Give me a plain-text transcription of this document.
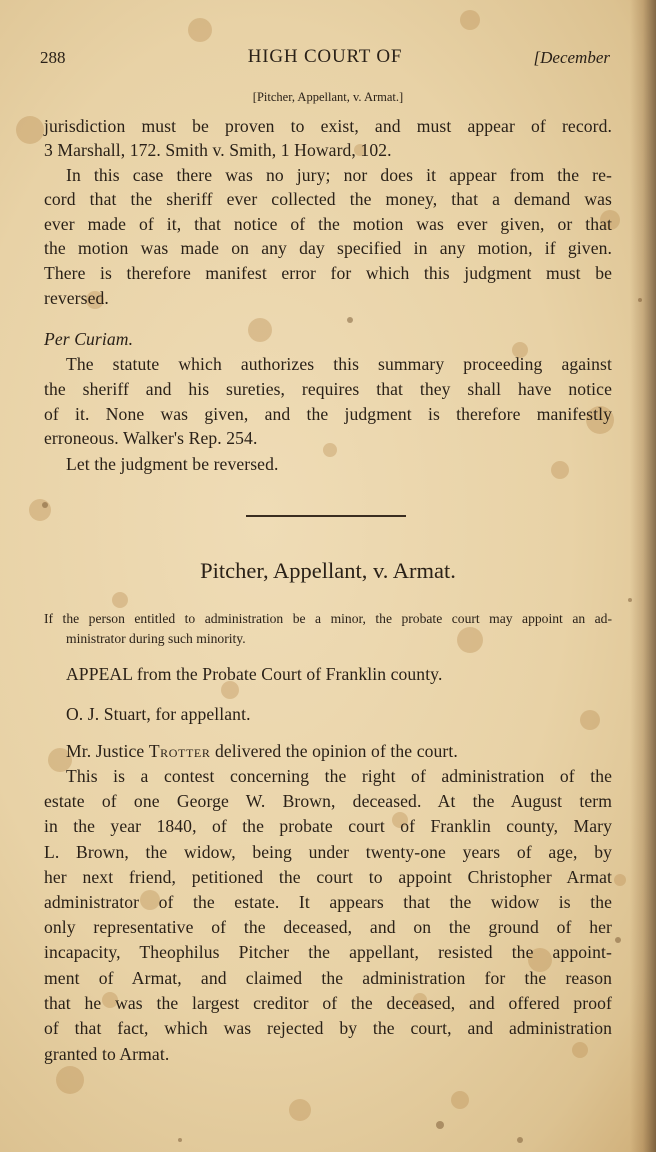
288	HIGH COURT OF	[December
[Pitcher, Appellant, v. Armat.]
jurisdiction must be proven to exist, and must appear of record.
3 Marshall, 172. Smith v. Smith, 1 Howard, 102.
In this case there was no jury; nor does it appear from the re-
cord that the sheriff ever collected the money, that a demand was
ever made of it, that notice of the motion was ever given, or that
the motion was made on any day specified in any motion, if given.
There is therefore manifest error for which this judgment must be
reversed.
Per Curiam.
The statute which authorizes this summary proceeding against
the sheriff and his sureties, requires that they shall have notice
of it. None was given, and the judgment is therefore manifestly
erroneous. Walker's Rep. 254.
Let the judgment be reversed.
Pitcher, Appellant, v. Armat.
If the person entitled to administration be a minor, the probate court may appoint an ad-
ministrator during such minority.
APPEAL from the Probate Court of Franklin county.
O. J. Stuart, for appellant.
Mr. Justice Trotter delivered the opinion of the court.
This is a contest concerning the right of administration of the
estate of one George W. Brown, deceased. At the August term
in the year 1840, of the probate court of Franklin county, Mary
L. Brown, the widow, being under twenty-one years of age, by
her next friend, petitioned the court to appoint Christopher Armat
administrator of the estate. It appears that the widow is the
only representative of the deceased, and on the ground of her
incapacity, Theophilus Pitcher the appellant, resisted the appoint-
ment of Armat, and claimed the administration for the reason
that he was the largest creditor of the deceased, and offered proof
of that fact, which was rejected by the court, and administration
granted to Armat.
